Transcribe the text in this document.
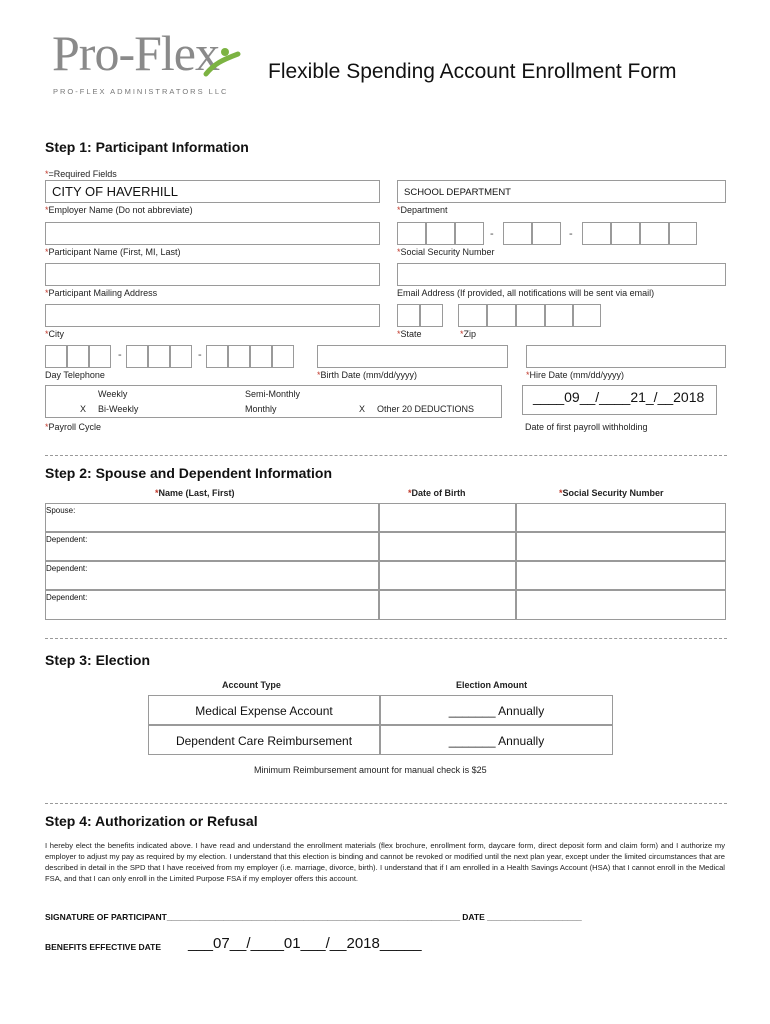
Pro-Flex
PRO-FLEX ADMINISTRATORS LLC
Flexible Spending Account Enrollment Form
Step 1: Participant Information
*=Required Fields
CITY OF HAVERHILL
*Employer Name (Do not abbreviate)
SCHOOL DEPARTMENT
*Department
*Participant Name (First, MI, Last)
-	-
*Social Security Number
*Participant Mailing Address	Email Address (If provided, all notifications will be sent via email)
*City	*State	*Zip
-	-
Day Telephone	*Birth Date (mm/dd/yyyy)	*Hire Date (mm/dd/yyyy)
Weekly
X Bi-Weekly
Semi-Monthly
Monthly	X Other 20 DEDUCTIONS
*Payroll Cycle
____09__/____21_/__2018
Date of first payroll withholding
Step 2: Spouse and Dependent Information
*Name (Last, First)	*Date of Birth	*Social Security Number
Spouse:
Dependent:
Dependent:
Dependent:
Step 3: Election
Account Type	Election Amount
Medical Expense Account	_______ Annually
Dependent Care Reimbursement	_______ Annually
Minimum Reimbursement amount for manual check is $25
Step 4: Authorization or Refusal
I hereby elect the benefits indicated above. I have read and understand the enrollment materials (flex brochure, enrollment form, daycare form, direct deposit form and claim form) and I authorize my employer to adjust my pay as required by my election. I understand that this election is binding and cannot be revoked or modified until the next plan year, except under the limited circumstances that are described in detail in the SPD that I have received from my employer (i.e. marriage, divorce, birth). I understand that if I am enrolled in a Health Savings Account (HSA) that I cannot enroll in the Medical FSA, and that I can only enroll in the Limited Purpose FSA if my employer offers this account.
SIGNATURE OF PARTICIPANT______________________________________________________________ DATE ____________________
BENEFITS EFFECTIVE DATE ___07__/____01___/__2018_____
